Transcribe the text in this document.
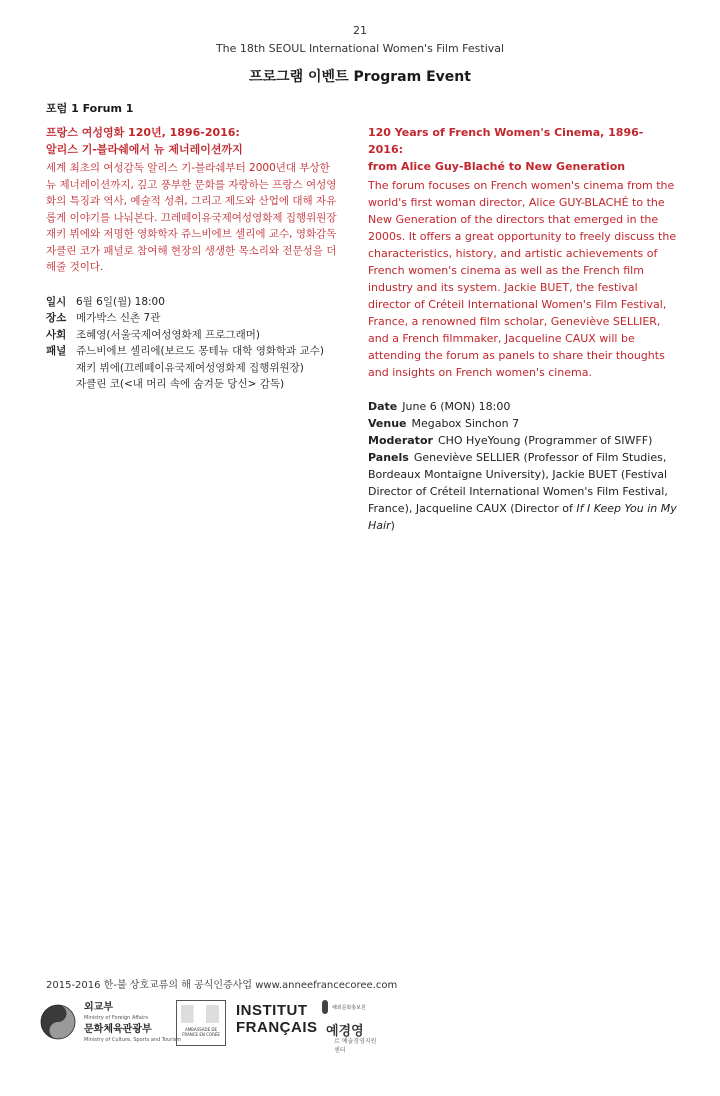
21
The 18th SEOUL International Women's Film Festival
프로그램 이벤트 Program Event
포럼 1 Forum 1
프랑스 여성영화 120년, 1896-2016:
알리스 기-블라쉐에서 뉴 제너레이션까지
세계 최초의 여성감독 알리스 기-블라쉐부터 2000년대 부상한 뉴 제너레이션까지, 깊고 풍부한 문화를 자랑하는 프랑스 여성영화의 특징과 역사, 예술적 성취, 그리고 제도와 산업에 대해 자유롭게 이야기를 나눠본다. 끄레떼이유국제여성영화제 집행위원장 재키 뷔에와 저명한 영화학자 쥬느비에브 셀리에 교수, 영화감독 자클린 코가 패널로 참여해 현장의 생생한 목소리와 전문성을 더해줄 것이다.
일시 6월 6일(월) 18:00
장소 메가박스 신촌 7관
사회 조혜영(서울국제여성영화제 프로그래머)
패널 쥬느비에브 셀리에(보르도 몽테뉴 대학 영화학과 교수)
재키 뷔에(끄레떼이유국제여성영화제 집행위원장)
자클린 코(<내 머리 속에 숨겨둔 당신> 감독)
120 Years of French Women's Cinema, 1896-2016:
from Alice Guy-Blaché to New Generation
The forum focuses on French women's cinema from the world's first woman director, Alice GUY-BLACHÉ to the New Generation of the directors that emerged in the 2000s. It offers a great opportunity to freely discuss the characteristics, history, and artistic achievements of French women's cinema as well as the French film industry and its system. Jackie BUET, the festival director of Créteil International Women's Film Festival, France, a renowned film scholar, Geneviève SELLIER, and a French filmmaker, Jacqueline CAUX will be attending the forum as panels to share their thoughts and insights on French women's cinema.
Date June 6 (MON) 18:00
Venue Megabox Sinchon 7
Moderator CHO HyeYoung (Programmer of SIWFF)
Panels Geneviève SELLIER (Professor of Film Studies, Bordeaux Montaigne University), Jackie BUET (Festival Director of Créteil International Women's Film Festival, France), Jacqueline CAUX (Director of If I Keep You in My Hair)
2015-2016 한-불 상호교류의 해 공식인증사업 www.anneefrancecoree.com
외교부
Ministry of Foreign Affairs
문화체육관광부
Ministry of Culture, Sports and Tourism
AMBASSADE DE FRANCE EN CORÉE
INSTITUT
FRANÇAIS
해외문화홍보원
예경영
르 예술경영지원센터
